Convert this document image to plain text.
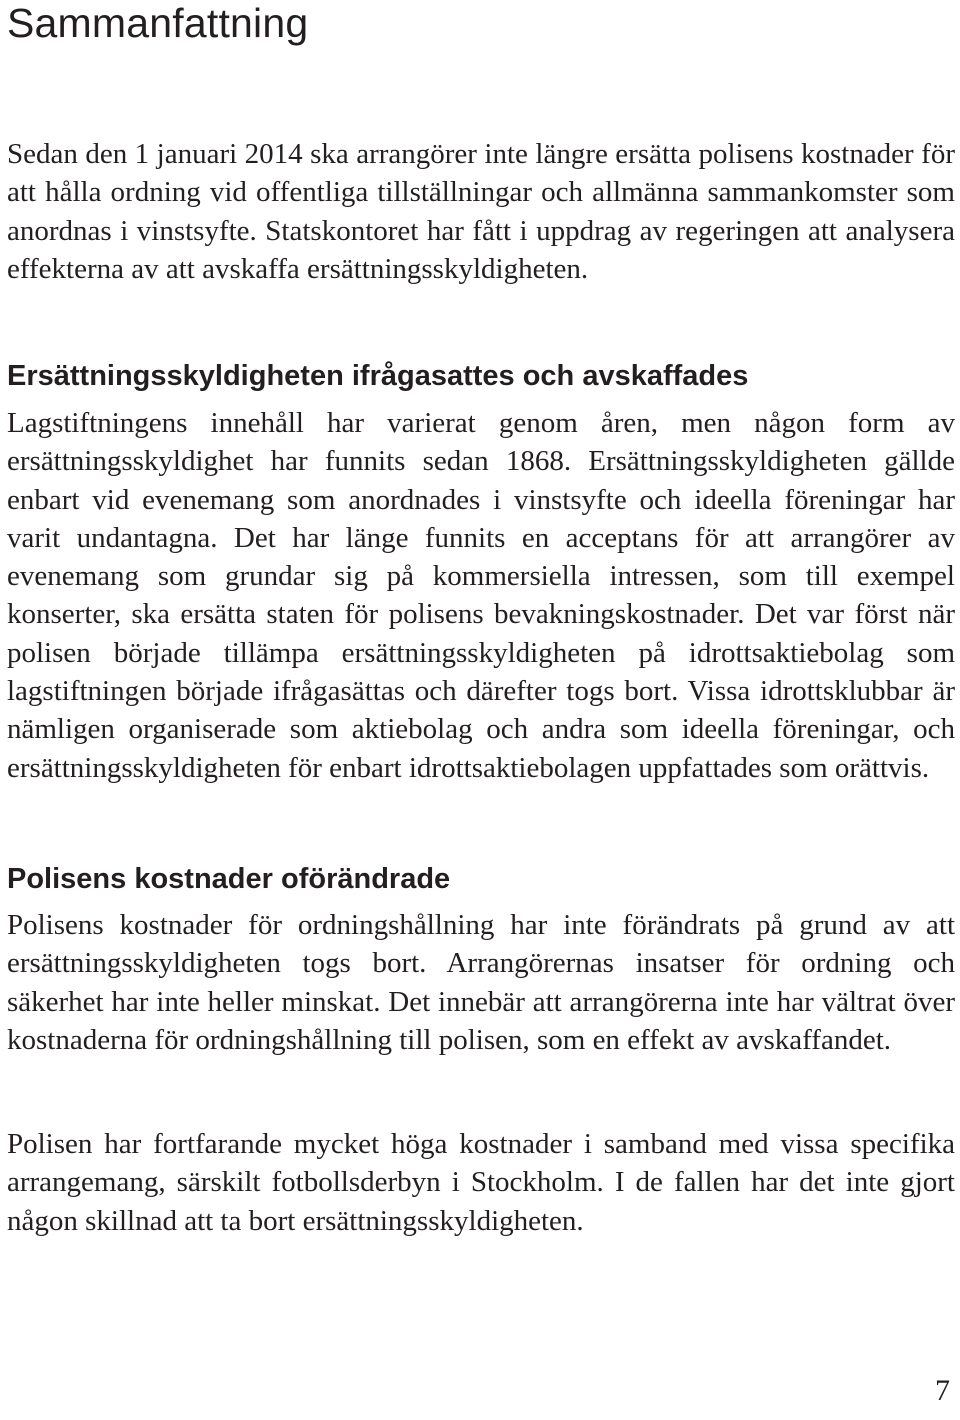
Sammanfattning

Sedan den 1 januari 2014 ska arrangörer inte längre ersätta polisens kostnader för att hålla ordning vid offentliga tillställningar och allmänna sammankomster som anordnas i vinstsyfte. Statskontoret har fått i uppdrag av regeringen att analysera effekterna av att avskaffa ersättningsskyldigheten.

Ersättningsskyldigheten ifrågasattes och avskaffades

Lagstiftningens innehåll har varierat genom åren, men någon form av ersättningsskyldighet har funnits sedan 1868. Ersättningsskyldigheten gällde enbart vid evenemang som anordnades i vinstsyfte och ideella föreningar har varit undantagna. Det har länge funnits en acceptans för att arrangörer av evenemang som grundar sig på kommersiella intressen, som till exempel konserter, ska ersätta staten för polisens bevakningskostnader. Det var först när polisen började tillämpa ersättningsskyldigheten på idrottsaktiebolag som lagstiftningen började ifrågasättas och därefter togs bort. Vissa idrottsklubbar är nämligen organiserade som aktiebolag och andra som ideella föreningar, och ersättningsskyldigheten för enbart idrottsaktiebolagen uppfattades som orättvis.

Polisens kostnader oförändrade

Polisens kostnader för ordningshållning har inte förändrats på grund av att ersättningsskyldigheten togs bort. Arrangörernas insatser för ordning och säkerhet har inte heller minskat. Det innebär att arrangörerna inte har vältrat över kostnaderna för ordningshållning till polisen, som en effekt av avskaffandet.

Polisen har fortfarande mycket höga kostnader i samband med vissa specifika arrangemang, särskilt fotbollsderbyn i Stockholm. I de fallen har det inte gjort någon skillnad att ta bort ersättningsskyldigheten.

7
